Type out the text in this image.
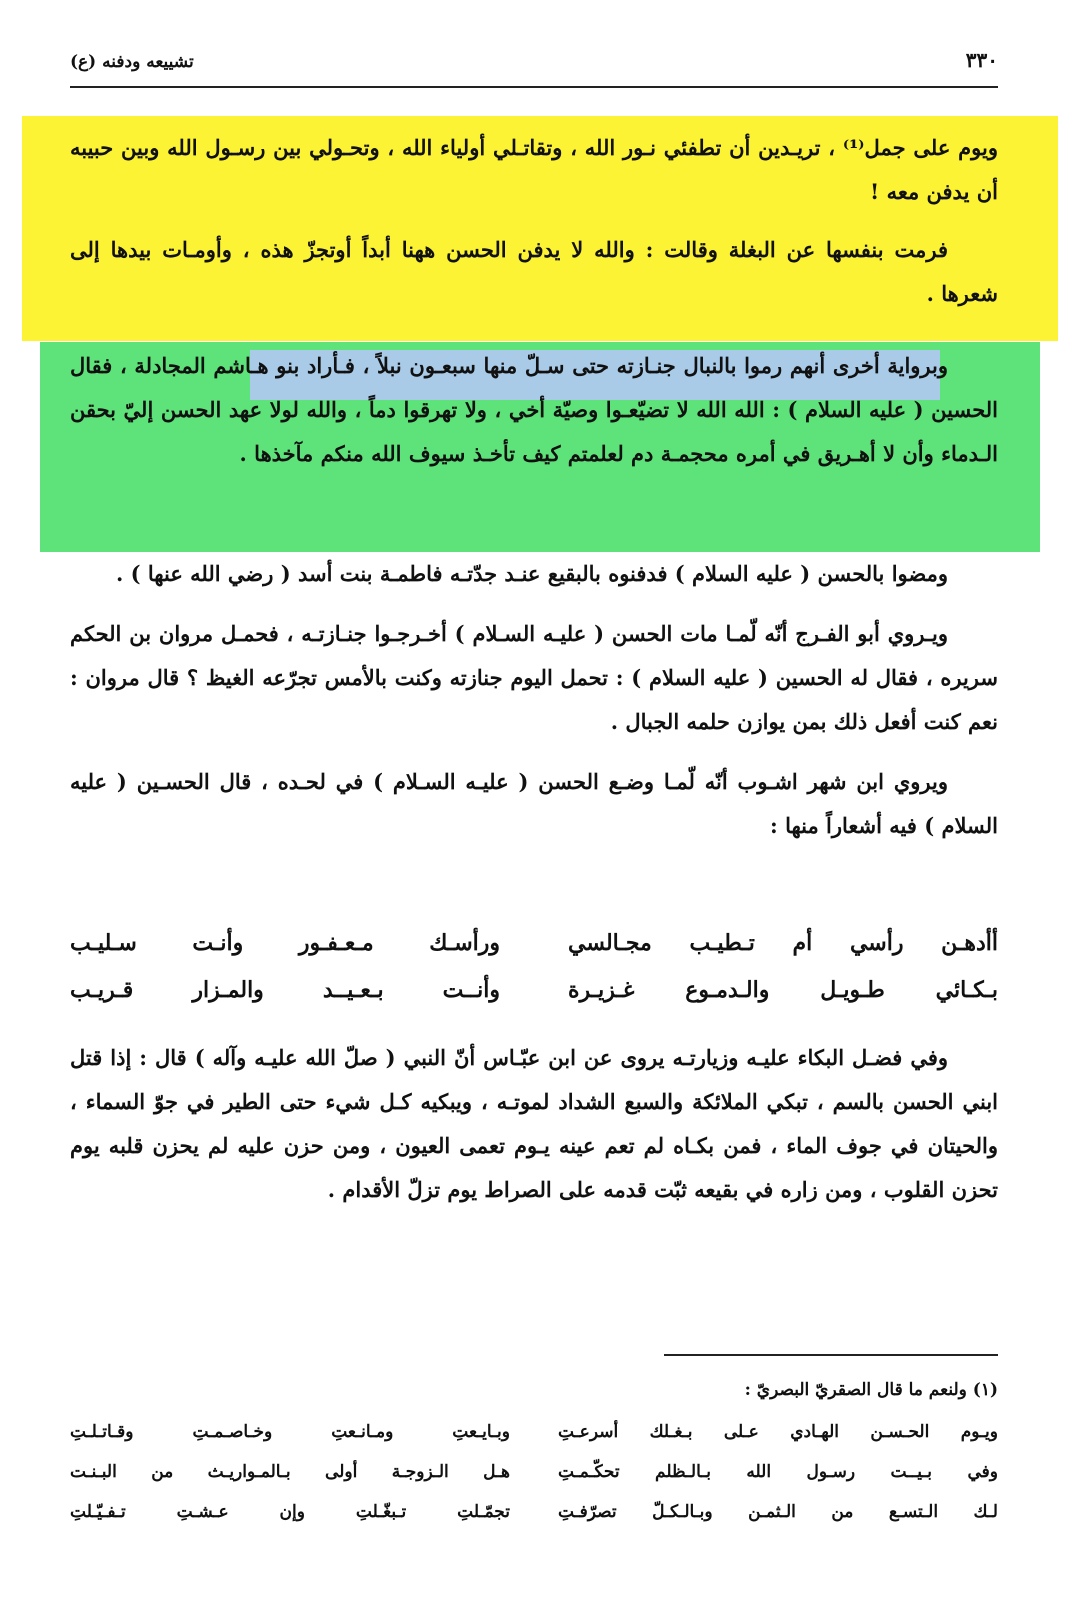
٣٣٠
تشييعه ودفنه (ع)

ويوم على جمل⁽¹⁾ ، تريـدين أن تطفئي نـور الله ، وتقاتـلي أولياء الله ، وتحـولي بين رسـول الله وبين حبيبه أن يدفن معه !

فرمت بنفسها عن البغلة وقالت : والله لا يدفن الحسن ههنا أبداً أوتجزّ هذه ، وأومـات بيدها إلى شعرها .

وبرواية أخرى أنهم رموا بالنبال جنـازته حتى سـلّ منها سبعـون نبلاً ، فـأراد بنو هـاشم المجادلة ، فقال الحسين ( عليه السلام ) : الله الله لا تضيّعـوا وصيّة أخي ، ولا تهرقوا دماً ، والله لولا عهد الحسن إليّ بحقن الـدماء وأن لا أهـريق في أمره محجمـة دم لعلمتم كيف تأخـذ سيوف الله منكم مآخذها .

ومضوا بالحسن ( عليه السلام ) فدفنوه بالبقيع عنـد جدّتـه فاطمـة بنت أسد ( رضي الله عنها ) .

ويـروي أبو الفـرج أنّه لّمـا مات الحسن ( عليـه السـلام ) أخـرجـوا جنـازتـه ، فحمـل مروان بن الحكم سريره ، فقال له الحسين ( عليه السلام ) : تحمل اليوم جنازته وكنت بالأمس تجرّعه الغيظ ؟ قال مروان : نعم كنت أفعل ذلك بمن يوازن حلمه الجبال .

ويروي ابن شهر اشـوب أنّه لّمـا وضـع الحسن ( عليـه السـلام ) في لحـده ، قال الحسـين ( عليه السلام ) فيه أشعاراً منها :

أأدهـن رأسي أم تـطيـب مجـالسي
ورأسـك مـعـفـور وأنـت سـليـب
بـكـائي طـويـل والـدمـوع غـزيـرة
وأنــت بـعـيــد والمـزار قـريـب

وفي فضـل البكاء عليـه وزيارتـه يروى عن ابن عبّـاس أنّ النبي ( صلّ الله عليـه وآله ) قال : إذا قتل ابني الحسن بالسم ، تبكي الملائكة والسبع الشداد لموتـه ، ويبكيه كـل شيء حتى الطير في جوّ السماء ، والحيتان في جوف الماء ، فمن بكـاه لم تعم عينه يـوم تعمى العيون ، ومن حزن عليه لم يحزن قلبه يوم تحزن القلوب ، ومن زاره في بقيعه ثبّت قدمه على الصراط يوم تزلّ الأقدام .

(١) ولنعم ما قال الصقريّ البصريّ :
ويـوم الحـسـن الهـادي عـلى بـغـلك أسرعـتِ
وبـايـعتِ ومـانـعتِ وخـاصـمـتِ وقـاتـلـتِ
وفي بـيــت رسـول الله بـالـظلم تحكّـمـتِ
هـل الـزوجـة أولى بـالمـواريـث من البـنـت
لـك الـتسـع من الـثمـن وبـالـكـلّ تصرّفـتِ
تجمّـلتِ تـبغّـلتِ وإن عـشـتِ تـفـيّـلتِ
